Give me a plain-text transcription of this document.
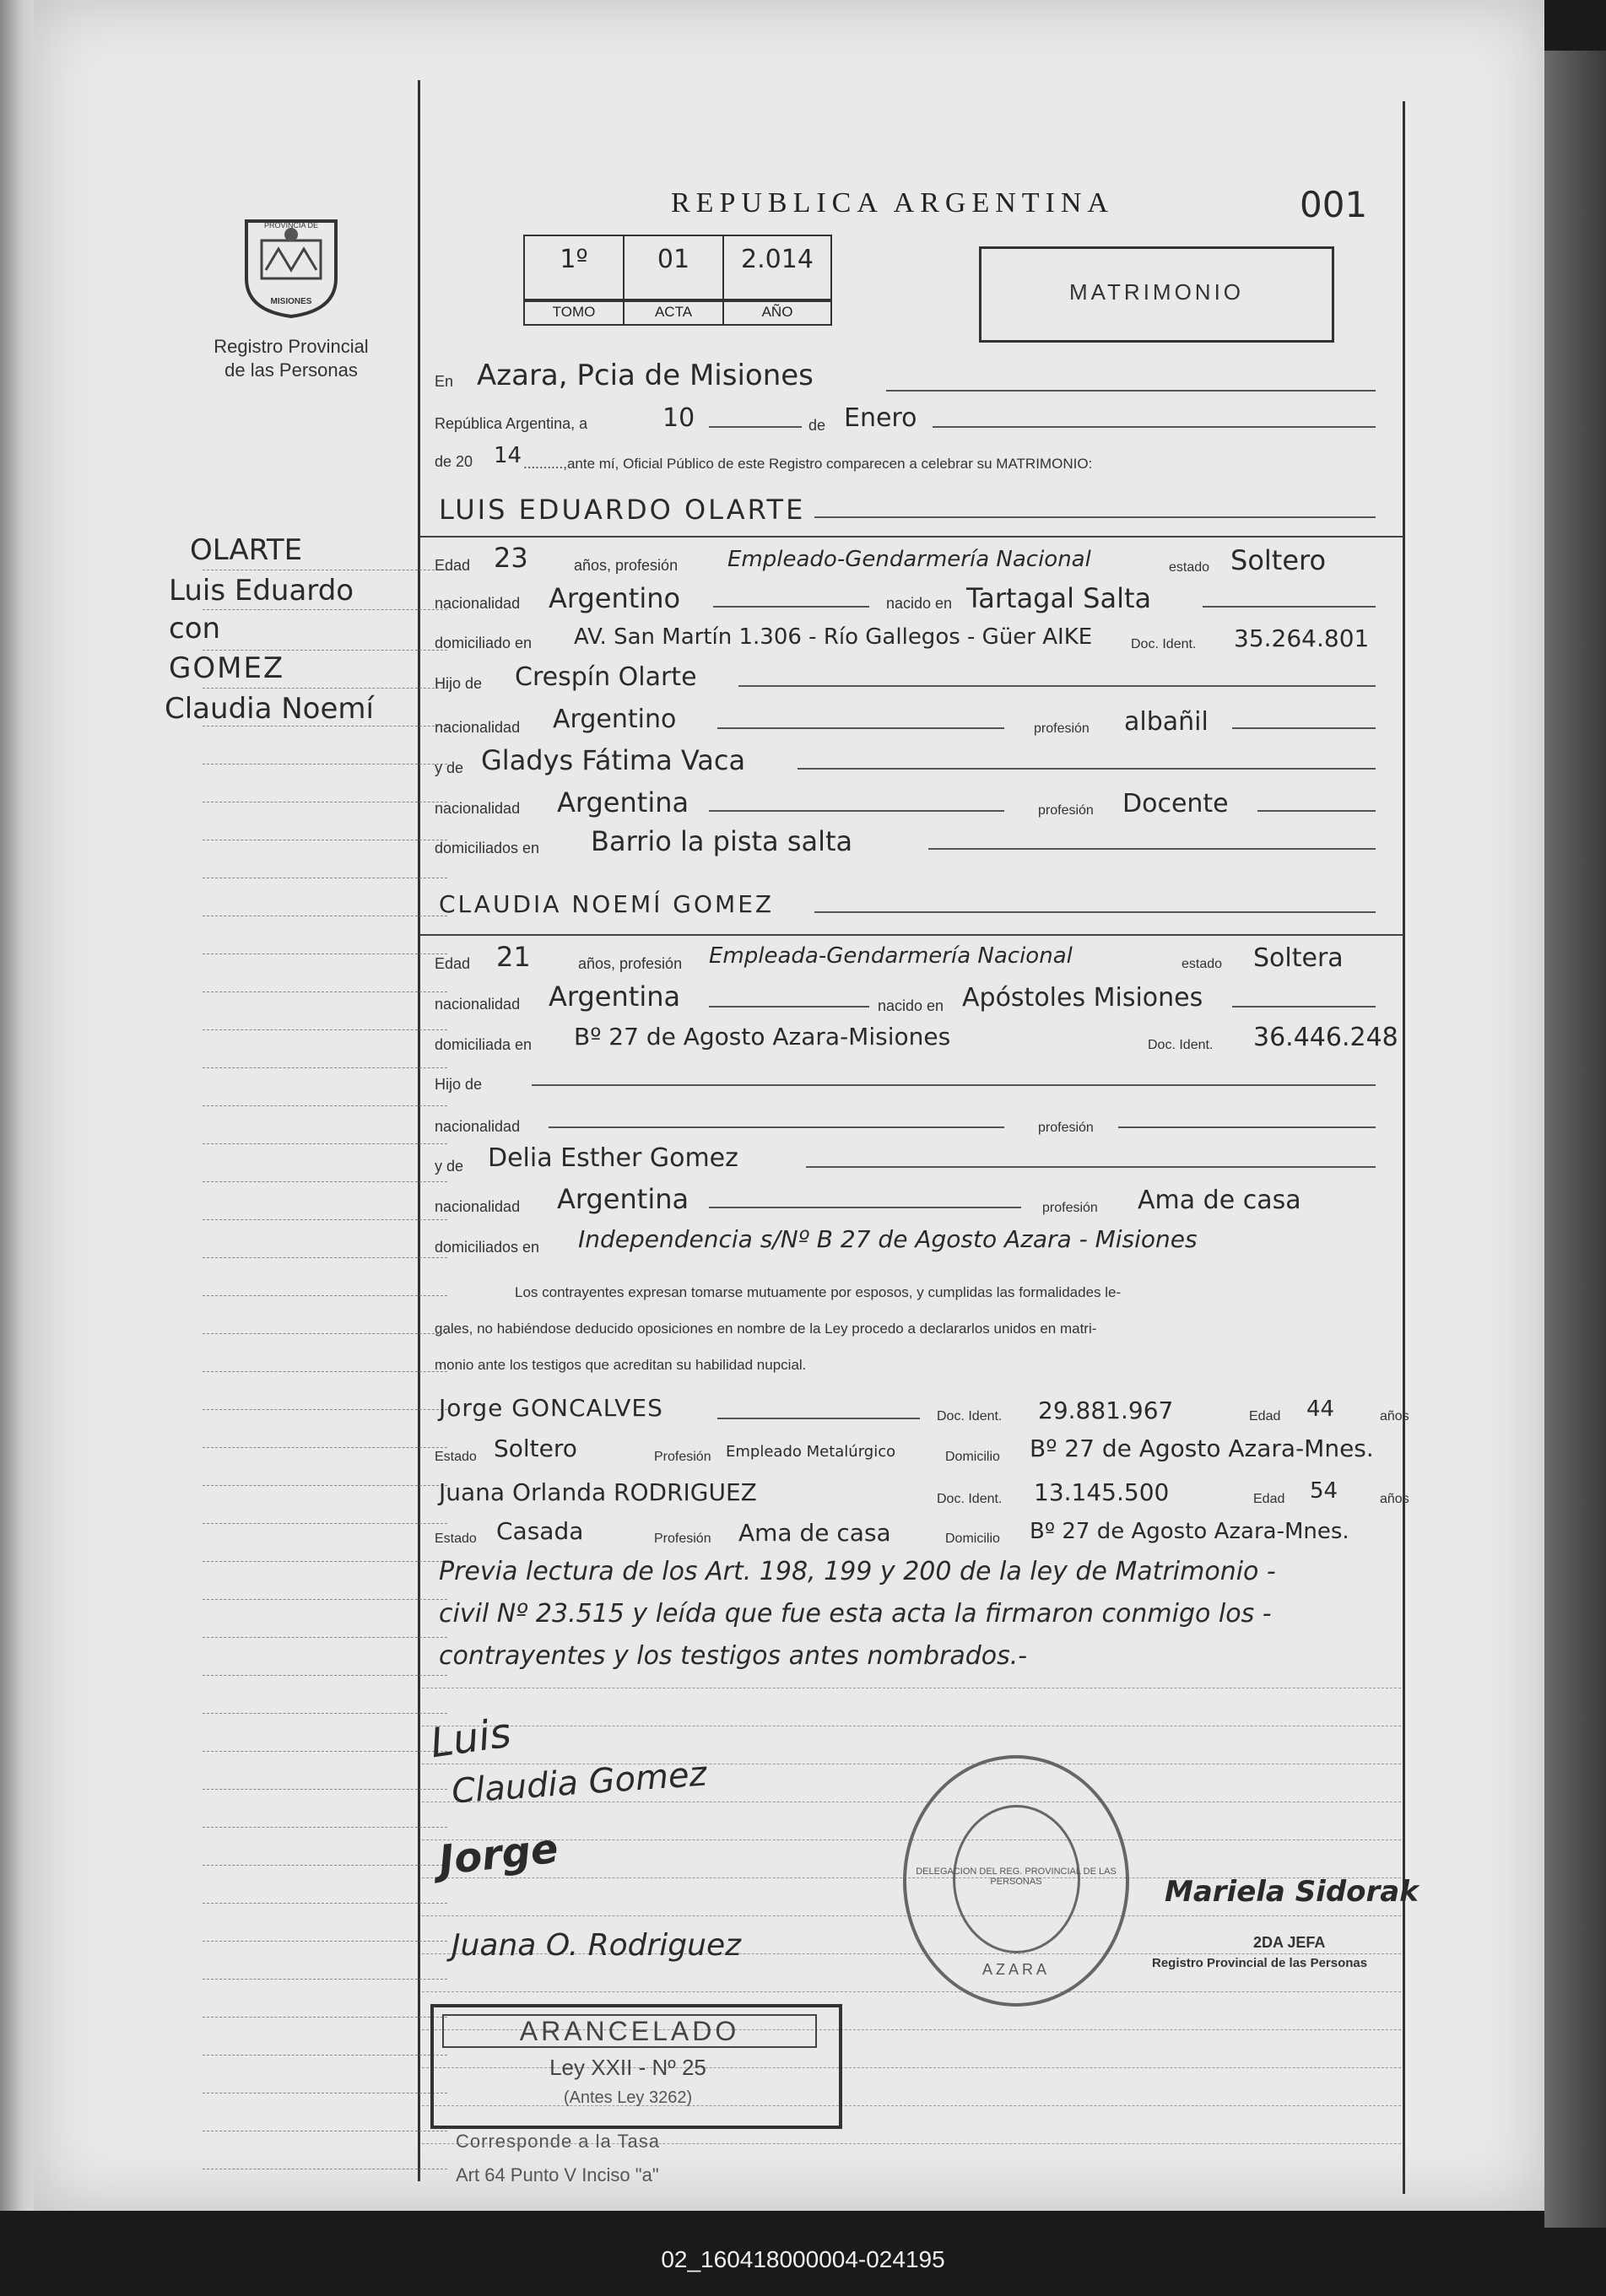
PROVINCIA DE
MISIONES
Registro Provincial
de las Personas
REPUBLICA ARGENTINA	001
1º	01	2.014
TOMO	ACTA	AÑO
MATRIMONIO
OLARTE
Luis Eduardo
con
GOMEZ
Claudia Noemí
En Azara, Pcia de Misiones
República Argentina, a	10	de Enero
de 20 14 ..........,ante mí, Oficial Público de este Registro comparecen a celebrar su MATRIMONIO:
LUIS EDUARDO OLARTE
Edad 23	años, profesión Empleado-Gendarmería Nacional	estado Soltero
nacionalidad Argentino	nacido en Tartagal Salta
domiciliado en AV. San Martín 1.306 - Río Gallegos - Güer AIKE	Doc. Ident. 35.264.801
Hijo de Crespín Olarte
nacionalidad Argentino	profesión albañil
y de Gladys Fátima Vaca
nacionalidad Argentina	profesión Docente
domiciliados en Barrio la pista salta
CLAUDIA NOEMÍ GOMEZ
Edad 21	años, profesión Empleada-Gendarmería Nacional	estado Soltera
nacionalidad Argentina	nacido en Apóstoles Misiones
domiciliada en Bº 27 de Agosto Azara-Misiones	Doc. Ident. 36.446.248
Hijo de
nacionalidad	profesión
y de Delia Esther Gomez
nacionalidad Argentina	profesión Ama de casa
domiciliados en Independencia s/Nº B 27 de Agosto Azara - Misiones
Los contrayentes expresan tomarse mutuamente por esposos, y cumplidas las formalidades le-
gales, no habiéndose deducido oposiciones en nombre de la Ley procedo a declararlos unidos en matri-
monio ante los testigos que acreditan su habilidad nupcial.
Jorge GONCALVES	Doc. Ident. 29.881.967	Edad 44	años
Estado Soltero	Profesión Empleado Metalúrgico	Domicilio Bº 27 de Agosto Azara-Mnes.
Juana Orlanda RODRIGUEZ	Doc. Ident. 13.145.500	Edad 54	años
Estado Casada	Profesión Ama de casa	Domicilio Bº 27 de Agosto Azara-Mnes.
Previa lectura de los Art. 198, 199 y 200 de la ley de Matrimonio -
civil Nº 23.515 y leída que fue esta acta la firmaron conmigo los -
contrayentes y los testigos antes nombrados.-
Luis
Claudia Gomez
Jorge
Juana O. Rodriguez
DELEGACION DEL REG. PROVINCIAL DE LAS PERSONAS
AZARA
Mariela Sidorak
2DA JEFA
Registro Provincial de las Personas
ARANCELADO
Ley XXII - Nº 25
(Antes Ley 3262)
Corresponde a la Tasa
Art 64 Punto V Inciso "a"
02_160418000004-024195
